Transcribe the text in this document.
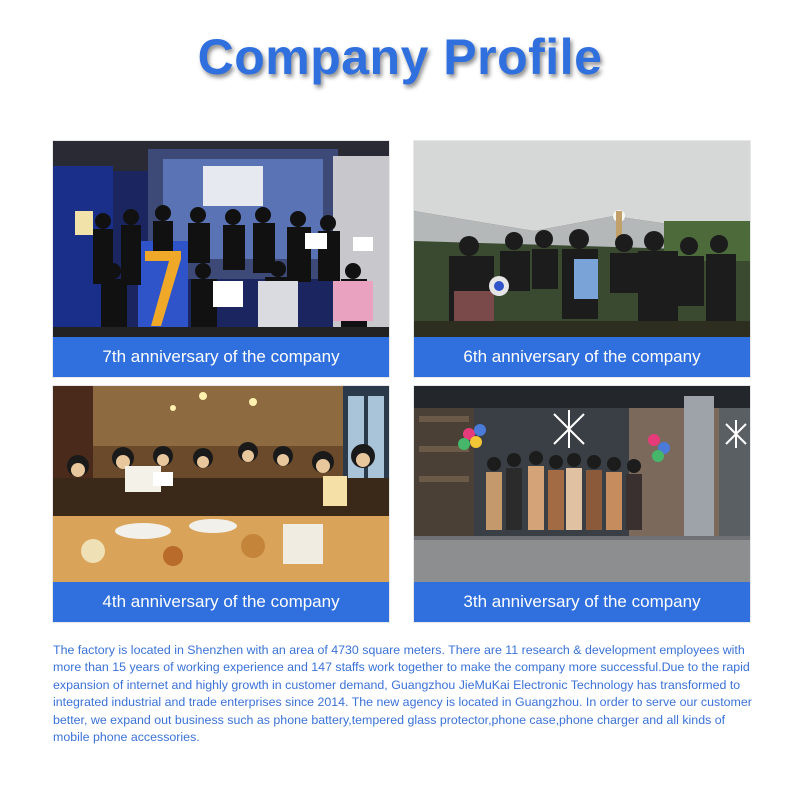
Company Profile
7th anniversary of the company	6th anniversary of the company
4th anniversary of the company	3th anniversary of the company
The factory is located in Shenzhen with an area of 4730 square meters. There are 11 research & development employees with more than 15 years of working experience and 147 staffs work together to make the company more successful.Due to the rapid expansion of internet and highly growth in customer demand, Guangzhou JieMuKai Electronic Technology has transformed to integrated industrial and trade enterprises since 2014. The new agency is located in Guangzhou. In order to serve our customer better, we expand out business such as phone battery,tempered glass protector,phone case,phone charger and all kinds of mobile phone accessories.
